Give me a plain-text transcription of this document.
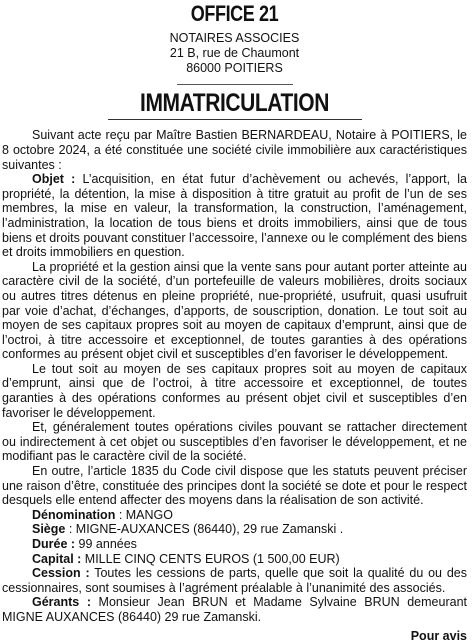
OFFICE 21

NOTAIRES ASSOCIES

21 B, rue de Chaumont

86000 POITIERS

IMMATRICULATION

Suivant acte reçu par Maître Bastien BERNARDEAU, Notaire à POITIERS, le 8 octobre 2024, a été constituée une société civile immobilière aux caractéristiques suivantes :

Objet : L’acquisition, en état futur d’achèvement ou achevés, l’apport, la propriété, la détention, la mise à disposition à titre gratuit au profit de l’un de ses membres, la mise en valeur, la transformation, la construction, l’aménagement, l’administration, la location de tous biens et droits immobiliers, ainsi que de tous biens et droits pouvant constituer l’accessoire, l’annexe ou le complément des biens et droits immobiliers en question.

La propriété et la gestion ainsi que la vente sans pour autant porter atteinte au caractère civil de la société, d’un portefeuille de valeurs mobilières, droits sociaux ou autres titres détenus en pleine propriété, nue-propriété, usufruit, quasi usufruit par voie d’achat, d’échanges, d’apports, de souscription, donation. Le tout soit au moyen de ses capitaux propres soit au moyen de capitaux d’emprunt, ainsi que de l’octroi, à titre accessoire et exceptionnel, de toutes garanties à des opérations conformes au présent objet civil et susceptibles d’en favoriser le développement.

Le tout soit au moyen de ses capitaux propres soit au moyen de capitaux d’emprunt, ainsi que de l’octroi, à titre accessoire et exceptionnel, de toutes garanties à des opérations conformes au présent objet civil et susceptibles d’en favoriser le développement.

Et, généralement toutes opérations civiles pouvant se rattacher directement ou indirectement à cet objet ou susceptibles d’en favoriser le développement, et ne modifiant pas le caractère civil de la société.

En outre, l’article 1835 du Code civil dispose que les statuts peuvent préciser une raison d’être, constituée des principes dont la société se dote et pour le respect desquels elle entend affecter des moyens dans la réalisation de son activité.

Dénomination : MANGO

Siège : MIGNE-AUXANCES (86440), 29 rue Zamanski .

Durée : 99 années

Capital : MILLE CINQ CENTS EUROS (1 500,00 EUR)

Cession : Toutes les cessions de parts, quelle que soit la qualité du ou des cessionnaires, sont soumises à l’agrément préalable à l’unanimité des associés.

Gérants : Monsieur Jean BRUN et Madame Sylvaine BRUN demeurant MIGNE AUXANCES (86440) 29 rue Zamanski.

Pour avis
